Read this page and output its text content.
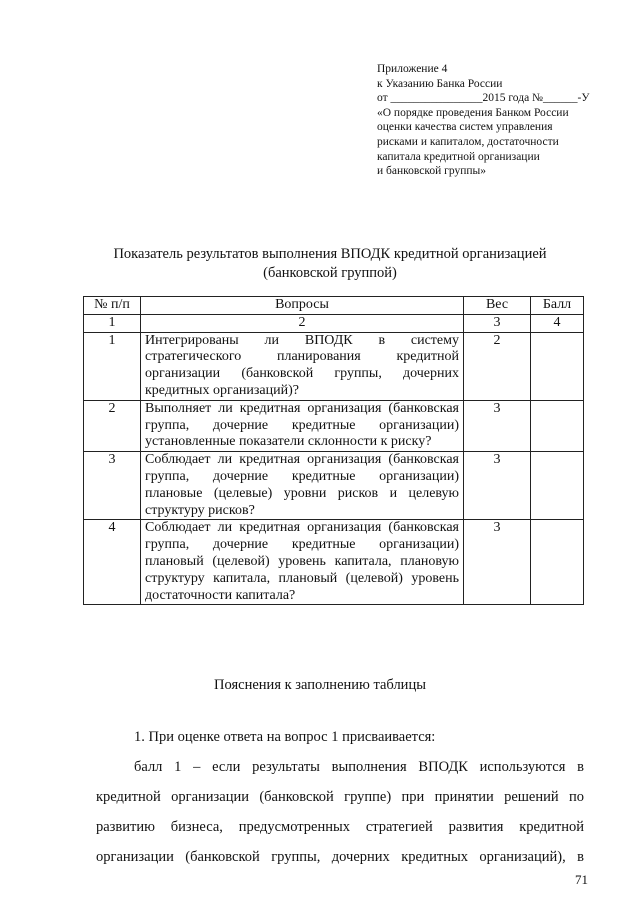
Приложение 4
к Указанию Банка России
от ________________2015 года №______-У
«О порядке проведения Банком России
оценки качества систем управления
рисками и капиталом, достаточности
капитала кредитной организации
и банковской группы»
Показатель результатов выполнения ВПОДК кредитной организацией
(банковской группой)
№ п/п	Вопросы	Вес	Балл
1	2	3	4
1	Интегрированы ли ВПОДК в систему стратегического планирования кредитной организации (банковской группы, дочерних кредитных организаций)?	2	
2	Выполняет ли кредитная организация (банковская группа, дочерние кредитные организации) установленные показатели склонности к риску?	3	
3	Соблюдает ли кредитная организация (банковская группа, дочерние кредитные организации) плановые (целевые) уровни рисков и целевую структуру рисков?	3	
4	Соблюдает ли кредитная организация (банковская группа, дочерние кредитные организации) плановый (целевой) уровень капитала, плановую структуру капитала, плановый (целевой) уровень достаточности капитала?	3	
Пояснения к заполнению таблицы
1. При оценке ответа на вопрос 1 присваивается:
балл 1 – если результаты выполнения ВПОДК используются в
кредитной организации (банковской группе) при принятии решений по
развитию бизнеса, предусмотренных стратегией развития кредитной
организации (банковской группы, дочерних кредитных организаций), в
71
